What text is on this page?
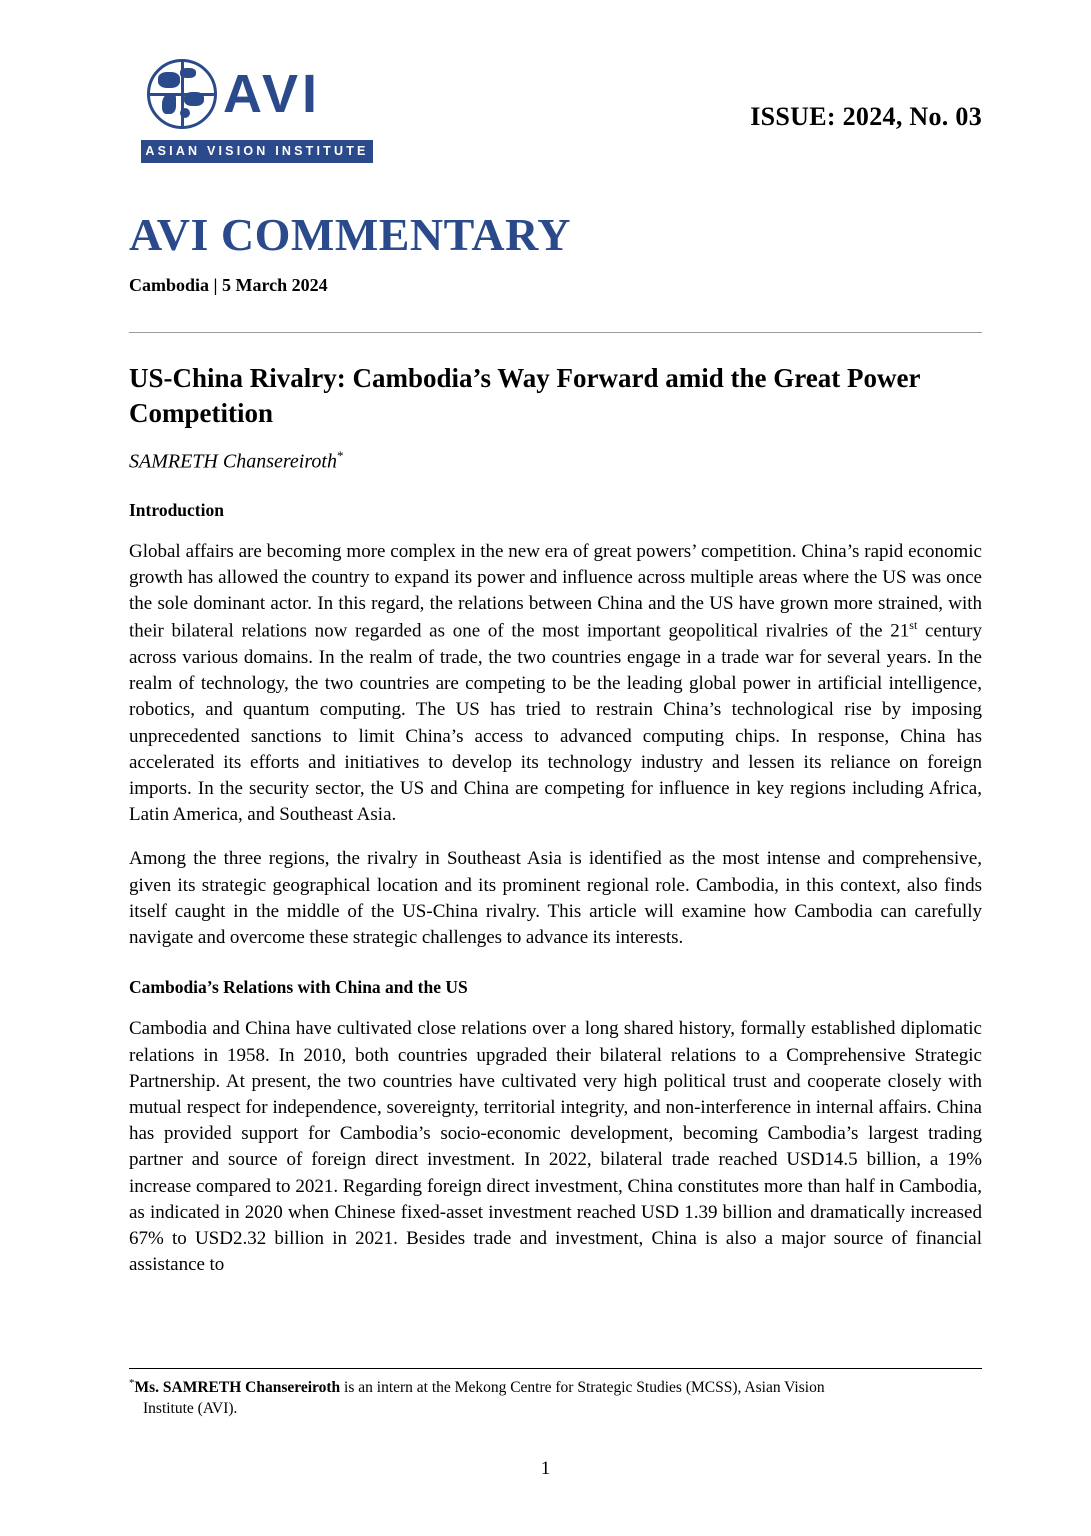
AVI
ASIAN VISION INSTITUTE
ISSUE: 2024, No. 03
AVI COMMENTARY
Cambodia | 5 March 2024
US-China Rivalry: Cambodia’s Way Forward amid the Great Power Competition
SAMRETH Chansereiroth*
Introduction

Global affairs are becoming more complex in the new era of great powers’ competition. China’s rapid economic growth has allowed the country to expand its power and influence across multiple areas where the US was once the sole dominant actor. In this regard, the relations between China and the US have grown more strained, with their bilateral relations now regarded as one of the most important geopolitical rivalries of the 21st century across various domains. In the realm of trade, the two countries engage in a trade war for several years. In the realm of technology, the two countries are competing to be the leading global power in artificial intelligence, robotics, and quantum computing. The US has tried to restrain China’s technological rise by imposing unprecedented sanctions to limit China’s access to advanced computing chips. In response, China has accelerated its efforts and initiatives to develop its technology industry and lessen its reliance on foreign imports. In the security sector, the US and China are competing for influence in key regions including Africa, Latin America, and Southeast Asia.

Among the three regions, the rivalry in Southeast Asia is identified as the most intense and comprehensive, given its strategic geographical location and its prominent regional role. Cambodia, in this context, also finds itself caught in the middle of the US-China rivalry. This article will examine how Cambodia can carefully navigate and overcome these strategic challenges to advance its interests.

Cambodia’s Relations with China and the US

Cambodia and China have cultivated close relations over a long shared history, formally established diplomatic relations in 1958. In 2010, both countries upgraded their bilateral relations to a Comprehensive Strategic Partnership. At present, the two countries have cultivated very high political trust and cooperate closely with mutual respect for independence, sovereignty, territorial integrity, and non-interference in internal affairs. China has provided support for Cambodia’s socio-economic development, becoming Cambodia’s largest trading partner and source of foreign direct investment. In 2022, bilateral trade reached USD14.5 billion, a 19% increase compared to 2021. Regarding foreign direct investment, China constitutes more than half in Cambodia, as indicated in 2020 when Chinese fixed-asset investment reached USD 1.39 billion and dramatically increased 67% to USD2.32 billion in 2021. Besides trade and investment, China is also a major source of financial assistance to

*Ms. SAMRETH Chansereiroth is an intern at the Mekong Centre for Strategic Studies (MCSS), Asian Vision
Institute (AVI).
1
